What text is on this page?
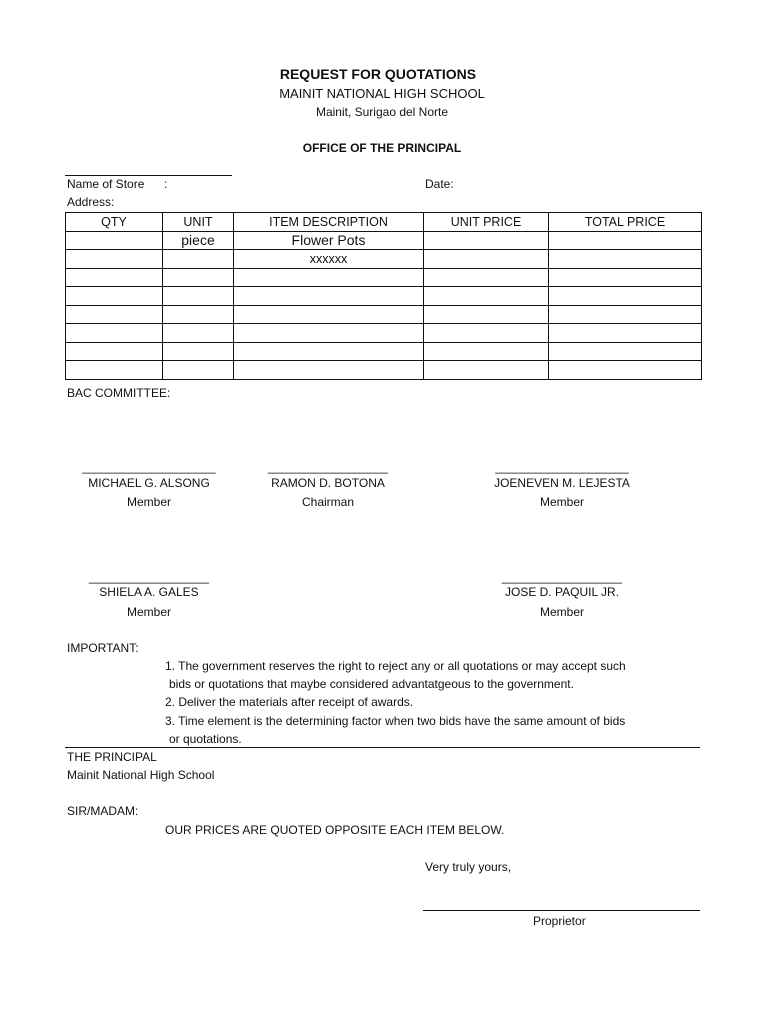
REQUEST FOR QUOTATIONS
MAINIT NATIONAL HIGH SCHOOL
Mainit, Surigao del Norte
OFFICE OF THE PRINCIPAL
Name of Store :	Date:
Address:
QTY	UNIT	ITEM DESCRIPTION	UNIT PRICE	TOTAL PRICE
	piece	Flower Pots		
		xxxxxx		

BAC COMMITTEE:
____________________
MICHAEL G. ALSONG
Member
__________________
RAMON D. BOTONA
Chairman
____________________
JOENEVEN M. LEJESTA
Member
__________________
SHIELA A. GALES
Member
__________________
JOSE D. PAQUIL JR.
Member
IMPORTANT:
1. The government reserves the right to reject any or all quotations or may accept such
bids or quotations that maybe considered advantatgeous to the government.
2. Deliver the materials after receipt of awards.
3. Time element is the determining factor when two bids have the same amount of bids
or quotations.
THE PRINCIPAL
Mainit National High School
SIR/MADAM:
OUR PRICES ARE QUOTED OPPOSITE EACH ITEM BELOW.
Very truly yours,
Proprietor
